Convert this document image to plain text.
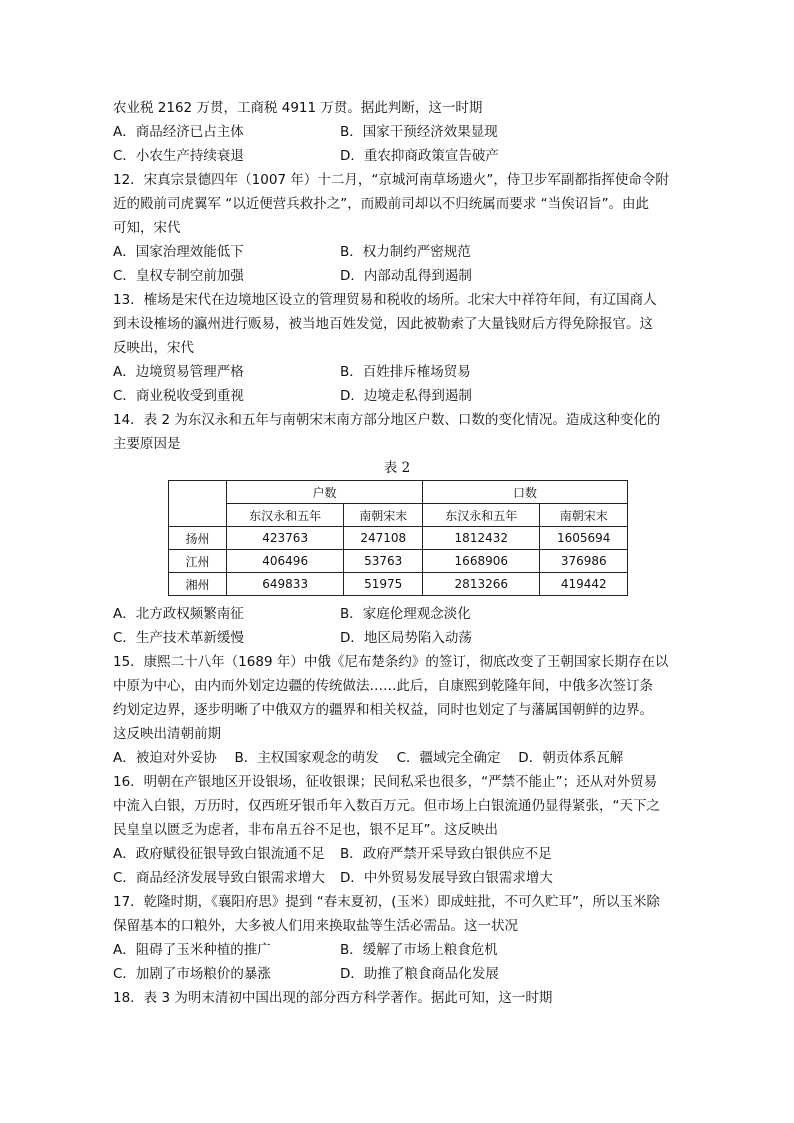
农业税 2162 万贯，工商税 4911 万贯。据此判断，这一时期
A．商品经济已占主体	B．国家干预经济效果显现
C．小农生产持续衰退	D．重农抑商政策宣告破产
12．宋真宗景德四年（1007 年）十二月，“京城河南草场遗火”，侍卫步军副都指挥使命令附
近的殿前司虎翼军 “以近便营兵救扑之”，而殿前司却以不归统属而要求 “当俟诏旨”。由此
可知，宋代
A．国家治理效能低下	B．权力制约严密规范
C．皇权专制空前加强	D．内部动乱得到遏制
13．榷场是宋代在边境地区设立的管理贸易和税收的场所。北宋大中祥符年间，有辽国商人
到未设榷场的瀛州进行贩易，被当地百姓发觉，因此被勒索了大量钱财后方得免除报官。这
反映出，宋代
A．边境贸易管理严格	B．百姓排斥榷场贸易
C．商业税收受到重视	D．边境走私得到遏制
14．表 2 为东汉永和五年与南朝宋末南方部分地区户数、口数的变化情况。造成这种变化的
主要原因是
表 2
	户数		口数	
	东汉永和五年	南朝宋末	东汉永和五年	南朝宋末
扬州	423763	247108	1812432	1605694
江州	406496	53763	1668906	376986
湘州	649833	51975	2813266	419442
A．北方政权频繁南征	B．家庭伦理观念淡化
C．生产技术革新缓慢	D．地区局势陷入动荡
15．康熙二十八年（1689 年）中俄《尼布楚条约》的签订，彻底改变了王朝国家长期存在以
中原为中心，由内而外划定边疆的传统做法……此后，自康熙到乾隆年间，中俄多次签订条
约划定边界，逐步明晰了中俄双方的疆界和相关权益，同时也划定了与藩属国朝鲜的边界。
这反映出清朝前期
A．被迫对外妥协　 B．主权国家观念的萌发　 C．疆域完全确定　 D．朝贡体系瓦解
16．明朝在产银地区开设银场，征收银课；民间私采也很多，“严禁不能止”；还从对外贸易
中流入白银，万历时，仅西班牙银币年入数百万元。但市场上白银流通仍显得紧张，“天下之
民皇皇以匮乏为虑者，非布帛五谷不足也，银不足耳”。这反映出
A．政府赋役征银导致白银流通不足 B．政府严禁开采导致白银供应不足
C．商品经济发展导致白银需求增大 D．中外贸易发展导致白银需求增大
17．乾隆时期，《襄阳府思》提到 “春末夏初，(玉米）即成蛀批，不可久贮耳”，所以玉米除
保留基本的口粮外，大多被人们用来换取盐等生活必需品。这一状况
A．阻碍了玉米种植的推广	B．缓解了市场上粮食危机
C．加剧了市场粮价的暴涨	D．助推了粮食商品化发展
18．表 3 为明末清初中国出现的部分西方科学著作。据此可知，这一时期
